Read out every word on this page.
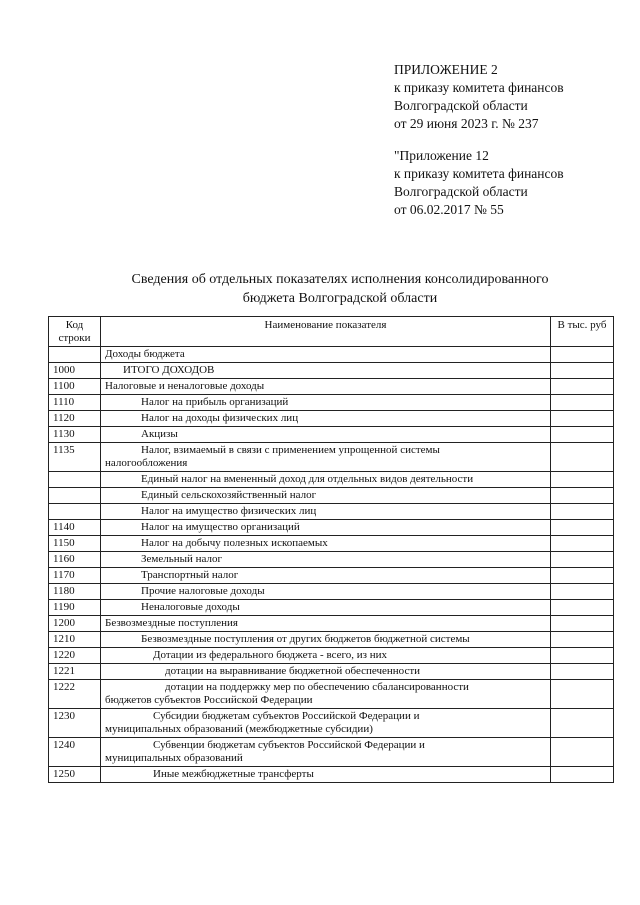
ПРИЛОЖЕНИЕ 2
к приказу комитета финансов
Волгоградской области
от 29 июня 2023 г. № 237
"Приложение 12
к приказу комитета финансов
Волгоградской области
от 06.02.2017 № 55
Сведения об отдельных показателях исполнения консолидированного
бюджета Волгоградской области
Код строки	Наименование показателя	В тыс. руб
	Доходы бюджета	
1000	ИТОГО ДОХОДОВ	
1100	Налоговые и неналоговые доходы	
1110	Налог на прибыль организаций	
1120	Налог на доходы физических лиц	
1130	Акцизы	
1135	Налог, взимаемый в связи с применением упрощенной системы
налогообложения	

	Единый налог на вмененный доход для отдельных видов деятельности	
	Единый сельскохозяйственный налог	
	Налог на имущество физических лиц	
1140	Налог на имущество организаций	
1150	Налог на добычу полезных ископаемых	
1160	Земельный налог	
1170	Транспортный налог	
1180	Прочие налоговые доходы	
1190	Неналоговые доходы	
1200	Безвозмездные поступления	
1210	Безвозмездные поступления от других бюджетов бюджетной системы	
1220	Дотации из федерального бюджета - всего, из них	
1221	дотации на выравнивание бюджетной обеспеченности	
1222	дотации на поддержку мер по обеспечению сбалансированности
бюджетов субъектов Российской Федерации	

1230	Субсидии бюджетам субъектов Российской Федерации и
муниципальных образований (межбюджетные субсидии)	

1240	Субвенции бюджетам субъектов Российской Федерации и
муниципальных образований	

1250	Иные межбюджетные трансферты	
